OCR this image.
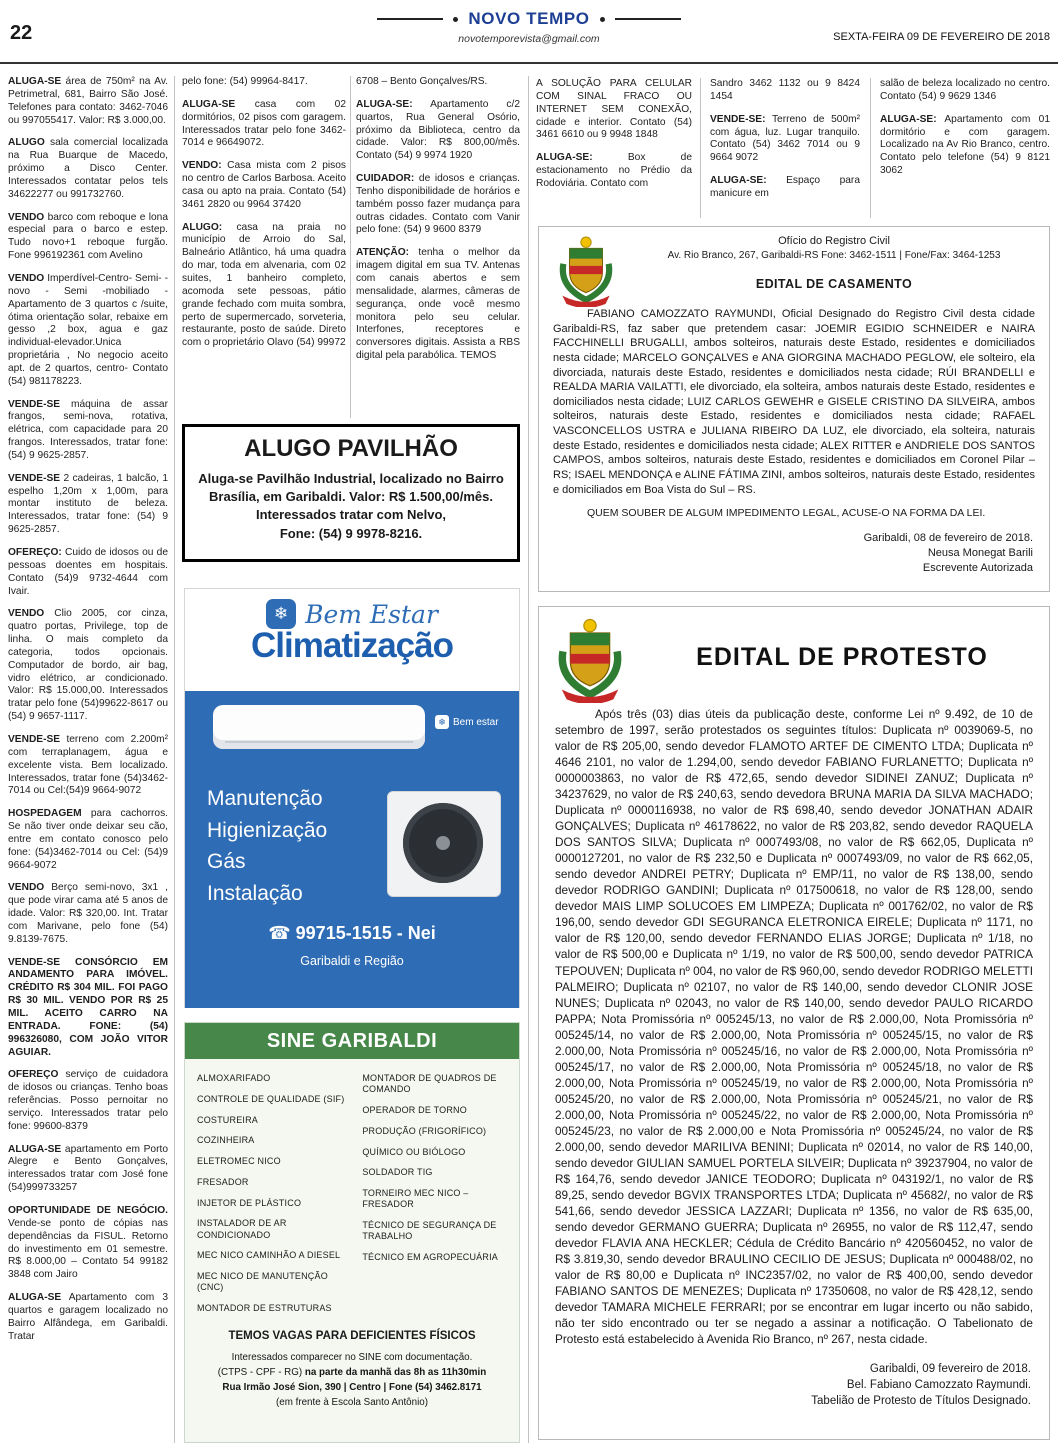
22
NOVO TEMPO
novotemporevista@gmail.com	SEXTA-FEIRA 09 DE FEVEREIRO DE 2018

ALUGA-SE área de 750m² na Av. Petrimetral, 681, Bairro São José. Telefones para contato: 3462-7046 ou 997055417. Valor: R$ 3.000,00.

ALUGO sala comercial localizada na Rua Buarque de Macedo, próximo a Disco Center. Interessados contatar pelos tels 34622277 ou 991732760.

VENDO barco com reboque e lona especial para o barco e estep. Tudo novo+1 reboque furgão. Fone 996192361 com Avelino

VENDO Imperdível-Centro- Semi- -novo - Semi -mobiliado -Apartamento de 3 quartos c /suite, ótima orientação solar, rebaixe em gesso ,2 box, agua e gaz individual-elevador.Unica proprietária , No negocio aceito apt. de 2 quartos, centro- Contato (54) 981178223.

VENDE-SE máquina de assar frangos, semi-nova, rotativa, elétrica, com capacidade para 20 frangos. Interessados, tratar fone: (54) 9 9625-2857.

VENDE-SE 2 cadeiras, 1 balcão, 1 espelho 1,20m x 1,00m, para montar instituto de beleza. Interessados, tratar fone: (54) 9 9625-2857.

OFEREÇO: Cuido de idosos ou de pessoas doentes em hospitais. Contato (54)9 9732-4644 com Ivair.

VENDO Clio 2005, cor cinza, quatro portas, Privilege, top de linha. O mais completo da categoria, todos opcionais. Computador de bordo, air bag, vidro elétrico, ar condicionado. Valor: R$ 15.000,00. Interessados tratar pelo fone (54)99622-8617 ou (54) 9 9657-1117.

VENDE-SE terreno com 2.200m² com terraplanagem, água e excelente vista. Bem localizado. Interessados, tratar fone (54)3462-7014 ou Cel:(54)9 9664-9072

HOSPEDAGEM para cachorros. Se não tiver onde deixar seu cão, entre em contato conosco pelo fone: (54)3462-7014 ou Cel: (54)9 9664-9072

VENDO Berço semi-novo, 3x1 , que pode virar cama até 5 anos de idade. Valor: R$ 320,00. Int. Tratar com Marivane, pelo fone (54) 9.8139-7675.

VENDE-SE CONSÓRCIO EM ANDAMENTO PARA IMÓVEL. CRÉDITO R$ 304 MIL. FOI PAGO R$ 30 MIL. VENDO POR R$ 25 MIL. ACEITO CARRO NA ENTRADA. FONE: (54) 996326080, COM JOÃO VITOR AGUIAR.

OFEREÇO serviço de cuidadora de idosos ou crianças. Tenho boas referências. Posso pernoitar no serviço. Interessados tratar pelo fone: 99600-8379

ALUGA-SE apartamento em Porto Alegre e Bento Gonçalves, interessados tratar com José fone (54)999733257

OPORTUNIDADE DE NEGÓCIO. Vende-se ponto de cópias nas dependências da FISUL. Retorno do investimento em 01 semestre. R$ 8.000,00 – Contato 54 99182 3848 com Jairo

ALUGA-SE Apartamento com 3 quartos e garagem localizado no Bairro Alfândega, em Garibaldi. Tratar

pelo fone: (54) 99964-8417.

ALUGA-SE casa com 02 dormitórios, 02 pisos com garagem. Interessados tratar pelo fone 3462-7014 e 96649072.

VENDO: Casa mista com 2 pisos no centro de Carlos Barbosa. Aceito casa ou apto na praia. Contato (54) 3461 2820 ou 9964 37420

ALUGO: casa na praia no município de Arroio do Sal, Balneário Atlântico, há uma quadra do mar, toda em alvenaria, com 02 suites, 1 banheiro completo, acomoda sete pessoas, pátio grande fechado com muita sombra, perto de supermercado, sorveteria, restaurante, posto de saúde. Direto com o proprietário Olavo (54) 99972

6708 – Bento Gonçalves/RS.

ALUGA-SE: Apartamento c/2 quartos, Rua General Osório, próximo da Biblioteca, centro da cidade. Valor: R$ 800,00/mês. Contato (54) 9 9974 1920

CUIDADOR: de idosos e crianças. Tenho disponibilidade de horários e também posso fazer mudança para outras cidades. Contato com Vanir pelo fone: (54) 9 9600 8379

ATENÇÃO: tenha o melhor da imagem digital em sua TV. Antenas com canais abertos e sem mensalidade, alarmes, câmeras de segurança, onde você mesmo monitora pelo seu celular. Interfones, receptores e conversores digitais. Assista a RBS digital pela parabólica. TEMOS

A SOLUÇÃO PARA CELULAR COM SINAL FRACO OU INTERNET SEM CONEXÃO, cidade e interior. Contato (54) 3461 6610 ou 9 9948 1848

ALUGA-SE:	Box de estacionamento no Prédio da Rodoviária. Contato com

Sandro 3462 1132 ou 9 8424 1454

VENDE-SE: Terreno de 500m² com água, luz. Lugar tranquilo. Contato (54) 3462 7014 ou 9 9664 9072

ALUGA-SE: Espaço para manicure em

salão de beleza localizado no centro. Contato (54) 9 9629 1346

ALUGA-SE: Apartamento com 01 dormitório e com garagem. Localizado na Av Rio Branco, centro. Contato pelo telefone (54) 9 8121 3062

ALUGO PAVILHÃO
Aluga-se Pavilhão Industrial, localizado no Bairro Brasília, em Garibaldi. Valor: R$ 1.500,00/mês.
Interessados tratar com Nelvo,
Fone: (54) 9 9978-8216.
❄ Bem Estar
Climatização
❄ Bem estar
Manutenção
Higienização
Gás
Instalação
☎ 99715-1515 - Nei
Garibaldi e Região
SINE GARIBALDI
ALMOXARIFADO
CONTROLE DE QUALIDADE (SIF)
COSTUREIRA
COZINHEIRA
ELETROMEC NICO
FRESADOR
INJETOR DE PLÁSTICO
INSTALADOR DE AR CONDICIONADO
MEC NICO CAMINHÃO A DIESEL
MEC NICO DE MANUTENÇÃO (CNC)
MONTADOR DE ESTRUTURAS
MONTADOR DE QUADROS DE COMANDO
OPERADOR DE TORNO
PRODUÇÃO (FRIGORÍFICO)
QUÍMICO OU BIÓLOGO
SOLDADOR TIG
TORNEIRO MEC NICO – FRESADOR
TÉCNICO DE SEGURANÇA DE TRABALHO
TÉCNICO EM AGROPECUÁRIA
TEMOS VAGAS PARA DEFICIENTES FÍSICOS
Interessados comparecer no SINE com documentação.
(CTPS - CPF - RG) na parte da manhã das 8h as 11h30min
Rua Irmão José Sion, 390 | Centro | Fone (54) 3462.8171
(em frente à Escola Santo Antônio)
Ofício do Registro Civil
Av. Rio Branco, 267, Garibaldi-RS Fone: 3462-1511 | Fone/Fax: 3464-1253
EDITAL DE CASAMENTO

FABIANO CAMOZZATO RAYMUNDI, Oficial Designado do Registro Civil desta cidade Garibaldi-RS, faz saber que pretendem casar: JOEMIR EGIDIO SCHNEIDER e NAIRA FACCHINELLI BRUGALLI, ambos solteiros, naturais deste Estado, residentes e domiciliados nesta cidade; MARCELO GONÇALVES e ANA GIORGINA MACHADO PEGLOW, ele solteiro, ela divorciada, naturais deste Estado, residentes e domiciliados nesta cidade; RÚI BRANDELLI e REALDA MARIA VAILATTI, ele divorciado, ela solteira, ambos naturais deste Estado, residentes e domiciliados nesta cidade; LUIZ CARLOS GEWEHR e GISELE CRISTINO DA SILVEIRA, ambos solteiros, naturais deste Estado, residentes e domiciliados nesta cidade; RAFAEL VASCONCELLOS USTRA e JULIANA RIBEIRO DA LUZ, ele divorciado, ela solteira, naturais deste Estado, residentes e domiciliados nesta cidade; ALEX RITTER e ANDRIELE DOS SANTOS CAMPOS, ambos solteiros, naturais deste Estado, residentes e domiciliados em Coronel Pilar – RS; ISAEL MENDONÇA e ALINE FÁTIMA ZINI, ambos solteiros, naturais deste Estado, residentes e domiciliados em Boa Vista do Sul – RS.

QUEM SOUBER DE ALGUM IMPEDIMENTO LEGAL, ACUSE-O NA FORMA DA LEI.

Garibaldi, 08 de fevereiro de 2018.
Neusa Monegat Barili
Escrevente Autorizada
EDITAL DE PROTESTO

Após três (03) dias úteis da publicação deste, conforme Lei nº 9.492, de 10 de setembro de 1997, serão protestados os seguintes títulos: Duplicata nº 0039069-5, no valor de R$ 205,00, sendo devedor FLAMOTO ARTEF DE CIMENTO LTDA; Duplicata nº 4646 2101, no valor de 1.294,00, sendo devedor FABIANO FURLANETTO; Duplicata nº 0000003863, no valor de R$ 472,65, sendo devedor SIDINEI ZANUZ; Duplicata nº 34237629, no valor de R$ 240,63, sendo devedora BRUNA MARIA DA SILVA MACHADO; Duplicata nº 0000116938, no valor de R$ 698,40, sendo devedor JONATHAN ADAIR GONÇALVES; Duplicata nº 46178622, no valor de R$ 203,82, sendo devedor RAQUELA DOS SANTOS SILVA; Duplicata nº 0007493/08, no valor de R$ 662,05, Duplicata nº 0000127201, no valor de R$ 232,50 e Duplicata nº 0007493/09, no valor de R$ 662,05, sendo devedor ANDREI PETRY; Duplicata nº EMP/11, no valor de R$ 138,00, sendo devedor RODRIGO GANDINI; Duplicata nº 017500618, no valor de R$ 128,00, sendo devedor MAIS LIMP SOLUCOES EM LIMPEZA; Duplicata nº 001762/02, no valor de R$ 196,00, sendo devedor GDI SEGURANCA ELETRONICA EIRELE; Duplicata nº 1171, no valor de R$ 120,00, sendo devedor FERNANDO ELIAS JORGE; Duplicata nº 1/18, no valor de R$ 500,00 e Duplicata nº 1/19, no valor de R$ 500,00, sendo devedor PATRICA TEPOUVEN; Duplicata nº 004, no valor de R$ 960,00, sendo devedor RODRIGO MELETTI PALMEIRO; Duplicata nº 02107, no valor de R$ 140,00, sendo devedor CLONIR JOSE NUNES; Duplicata nº 02043, no valor de R$ 140,00, sendo devedor PAULO RICARDO PAPPA; Nota Promissória nº 005245/13, no valor de R$ 2.000,00, Nota Promissória nº 005245/14, no valor de R$ 2.000,00, Nota Promissória nº 005245/15, no valor de R$ 2.000,00, Nota Promissória nº 005245/16, no valor de R$ 2.000,00, Nota Promissória nº 005245/17, no valor de R$ 2.000,00, Nota Promissória nº 005245/18, no valor de R$ 2.000,00, Nota Promissória nº 005245/19, no valor de R$ 2.000,00, Nota Promissória nº 005245/20, no valor de R$ 2.000,00, Nota Promissória nº 005245/21, no valor de R$ 2.000,00, Nota Promissória nº 005245/22, no valor de R$ 2.000,00, Nota Promissória nº 005245/23, no valor de R$ 2.000,00 e Nota Promissória nº 005245/24, no valor de R$ 2.000,00, sendo devedor MARILIVA BENINI; Duplicata nº 02014, no valor de R$ 140,00, sendo devedor GIULIAN SAMUEL PORTELA SILVEIR; Duplicata nº 39237904, no valor de R$ 164,76, sendo devedor JANICE TEODORO; Duplicata nº 043192/1, no valor de R$ 89,25, sendo devedor BGVIX TRANSPORTES LTDA; Duplicata nº 45682/, no valor de R$ 541,66, sendo devedor JESSICA LAZZARI; Duplicata nº 1356, no valor de R$ 635,00, sendo devedor GERMANO GUERRA; Duplicata nº 26955, no valor de R$ 112,47, sendo devedor FLAVIA ANA HECKLER; Cédula de Crédito Bancário nº 420560452, no valor de R$ 3.819,30, sendo devedor BRAULINO CECILIO DE JESUS; Duplicata nº 000488/02, no valor de R$ 80,00 e Duplicata nº INC2357/02, no valor de R$ 400,00, sendo devedor FABIANO SANTOS DE MENEZES; Duplicata nº 17350608, no valor de R$ 428,12, sendo devedor TAMARA MICHELE FERRARI; por se encontrar em lugar incerto ou não sabido, não ter sido encontrado ou ter se negado a assinar a notificação. O Tabelionato de Protesto está estabelecido à Avenida Rio Branco, nº 267, nesta cidade.

Garibaldi, 09 fevereiro de 2018.
Bel. Fabiano Camozzato Raymundi.
Tabelião de Protesto de Títulos Designado.
